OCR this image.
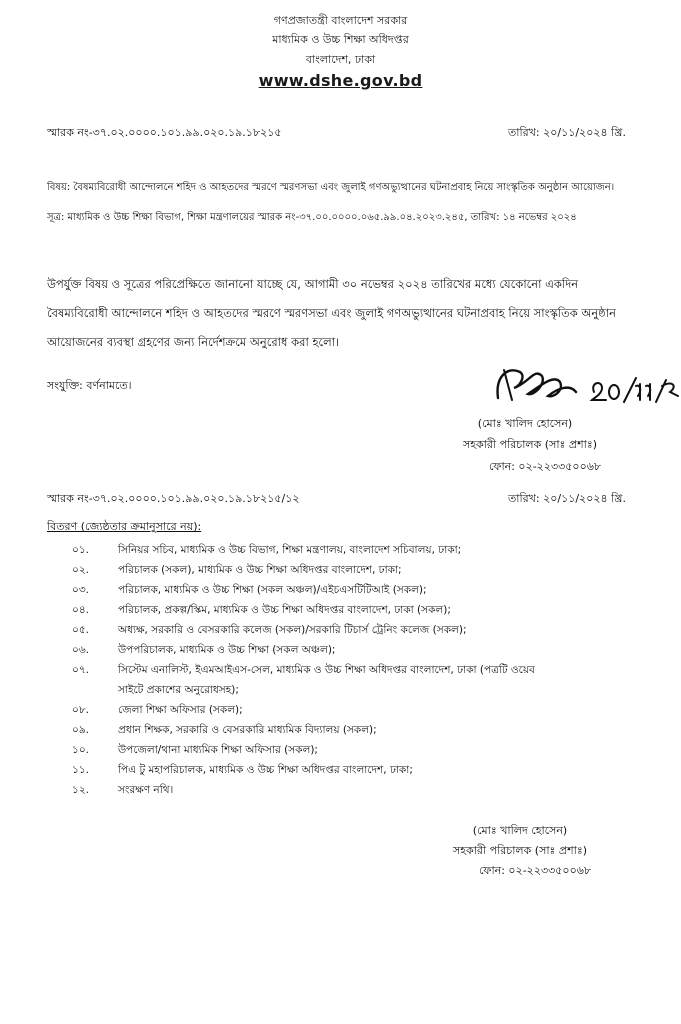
গণপ্রজাতন্ত্রী বাংলাদেশ সরকার
মাধ্যমিক ও উচ্চ শিক্ষা অধিদপ্তর
বাংলাদেশ, ঢাকা
www.dshe.gov.bd
স্মারক নং-৩৭.০২.০০০০.১০১.৯৯.০২০.১৯.১৮২১৫	তারিখ: ২০/১১/২০২৪ খ্রি.
বিষয়: বৈষম্যবিরোধী আন্দোলনে শহিদ ও আহতদের স্মরণে স্মরণসভা এবং জুলাই গণঅভ্যুত্থানের ঘটনাপ্রবাহ নিয়ে সাংস্কৃতিক অনুষ্ঠান আয়োজন।
সূত্র: মাধ্যমিক ও উচ্চ শিক্ষা বিভাগ, শিক্ষা মন্ত্রণালয়ের স্মারক নং-৩৭.০০.০০০০.০৬৫.৯৯.০৪.২০২৩.২৪৫, তারিখ: ১৪ নভেম্বর ২০২৪
উপর্যুক্ত বিষয় ও সূত্রের পরিপ্রেক্ষিতে জানানো যাচ্ছে যে, আগামী ৩০ নভেম্বর ২০২৪ তারিখের মধ্যে যেকোনো একদিন
বৈষম্যবিরোধী আন্দোলনে শহিদ ও আহতদের স্মরণে স্মরণসভা এবং জুলাই গণঅভ্যুত্থানের ঘটনাপ্রবাহ নিয়ে সাংস্কৃতিক অনুষ্ঠান
আয়োজনের ব্যবস্থা গ্রহণের জন্য নির্দেশক্রমে অনুরোধ করা হলো।
সংযুক্তি: বর্ণনামতে।
(মোঃ খালিদ হোসেন)
সহকারী পরিচালক (সাঃ প্রশাঃ)
ফোন: ০২-২২৩৩৫০০৬৮
স্মারক নং-৩৭.০২.০০০০.১০১.৯৯.০২০.১৯.১৮২১৫/১২	তারিখ: ২০/১১/২০২৪ খ্রি.
বিতরণ (জ্যেষ্ঠতার ক্রমানুসারে নয়):
০১.	সিনিয়র সচিব, মাধ্যমিক ও উচ্চ বিভাগ, শিক্ষা মন্ত্রণালয়, বাংলাদেশ সচিবালয়, ঢাকা;
০২.	পরিচালক (সকল), মাধ্যমিক ও উচ্চ শিক্ষা অধিদপ্তর বাংলাদেশ, ঢাকা;
০৩.	পরিচালক, মাধ্যমিক ও উচ্চ শিক্ষা (সকল অঞ্চল)/এইচএসটিটিআই (সকল);
০৪.	পরিচালক, প্রকল্প/স্কিম, মাধ্যমিক ও উচ্চ শিক্ষা অধিদপ্তর বাংলাদেশ, ঢাকা (সকল);
০৫.	অধ্যক্ষ, সরকারি ও বেসরকারি কলেজ (সকল)/সরকারি টিচার্স ট্রেনিং কলেজ (সকল);
০৬.	উপপরিচালক, মাধ্যমিক ও উচ্চ শিক্ষা (সকল অঞ্চল);
০৭.	সিস্টেম এনালিস্ট, ইএমআইএস-সেল, মাধ্যমিক ও উচ্চ শিক্ষা অধিদপ্তর বাংলাদেশ, ঢাকা (পত্রটি ওয়েব
সাইটে প্রকাশের অনুরোধসহ);
০৮.	জেলা শিক্ষা অফিসার (সকল);
০৯.	প্রধান শিক্ষক, সরকারি ও বেসরকারি মাধ্যমিক বিদ্যালয় (সকল);
১০.	উপজেলা/থানা মাধ্যমিক শিক্ষা অফিসার (সকল);
১১.	পিএ টু মহাপরিচালক, মাধ্যমিক ও উচ্চ শিক্ষা অধিদপ্তর বাংলাদেশ, ঢাকা;
১২.	সংরক্ষণ নথি।
(মোঃ খালিদ হোসেন)
সহকারী পরিচালক (সাঃ প্রশাঃ)
ফোন: ০২-২২৩৩৫০০৬৮
